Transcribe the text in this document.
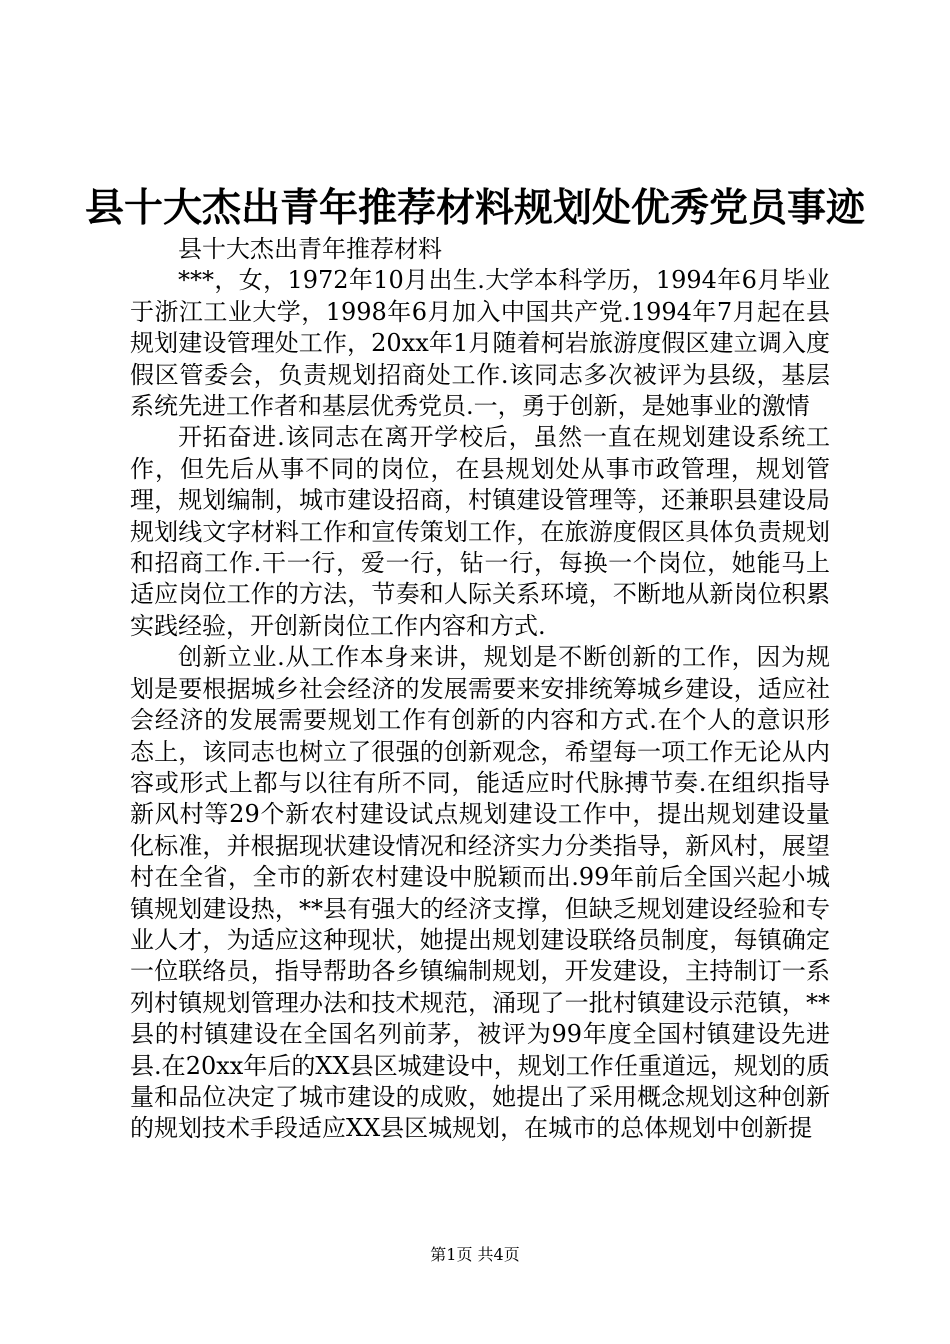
县十大杰出青年推荐材料规划处优秀党员事迹

县十大杰出青年推荐材料

***，女，1972年10月出生.大学本科学历，1994年6月毕业于浙江工业大学，1998年6月加入中国共产党.1994年7月起在县规划建设管理处工作，20xx年1月随着柯岩旅游度假区建立调入度假区管委会，负责规划招商处工作.该同志多次被评为县级，基层系统先进工作者和基层优秀党员.一，勇于创新，是她事业的激情

开拓奋进.该同志在离开学校后，虽然一直在规划建设系统工作，但先后从事不同的岗位，在县规划处从事市政管理，规划管理，规划编制，城市建设招商，村镇建设管理等，还兼职县建设局规划线文字材料工作和宣传策划工作，在旅游度假区具体负责规划和招商工作.干一行，爱一行，钻一行，每换一个岗位，她能马上适应岗位工作的方法，节奏和人际关系环境，不断地从新岗位积累实践经验，开创新岗位工作内容和方式.

创新立业.从工作本身来讲，规划是不断创新的工作，因为规划是要根据城乡社会经济的发展需要来安排统筹城乡建设，适应社会经济的发展需要规划工作有创新的内容和方式.在个人的意识形态上，该同志也树立了很强的创新观念，希望每一项工作无论从内容或形式上都与以往有所不同，能适应时代脉搏节奏.在组织指导新风村等29个新农村建设试点规划建设工作中，提出规划建设量化标准，并根据现状建设情况和经济实力分类指导，新风村，展望村在全省，全市的新农村建设中脱颖而出.99年前后全国兴起小城镇规划建设热，**县有强大的经济支撑，但缺乏规划建设经验和专业人才，为适应这种现状，她提出规划建设联络员制度，每镇确定一位联络员，指导帮助各乡镇编制规划，开发建设，主持制订一系列村镇规划管理办法和技术规范，涌现了一批村镇建设示范镇，**县的村镇建设在全国名列前茅，被评为99年度全国村镇建设先进县.在20xx年后的XX县区城建设中，规划工作任重道远，规划的质量和品位决定了城市建设的成败，她提出了采用概念规划这种创新的规划技术手段适应XX县区城规划，在城市的总体规划中创新提

第1页 共4页
